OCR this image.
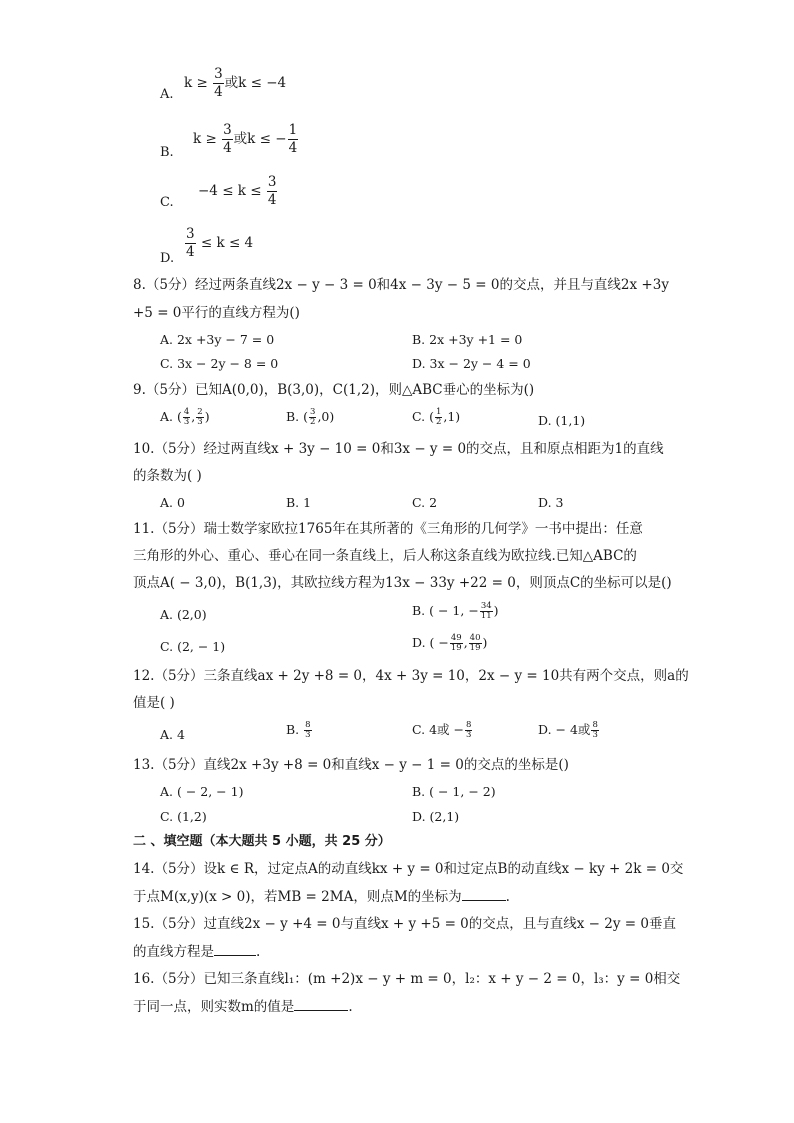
A.
$k \ge \frac{3}{4}$ 或k ≤ −4
B.
$k \ge \frac{3}{4}$ 或k ≤ − $\frac{1}{4}$
C.
$-4 \le k \le \frac{3}{4}$
D. $\frac{3}{4} \le k \le 4$
8.（5分）经过两条直线2x − y − 3 = 0和4x − 3y − 5 = 0的交点，并且与直线2x +3y
+5 = 0平行的直线方程为()
A. 2x +3y − 7 = 0	B. 2x +3y +1 = 0
C. 3x − 2y − 8 = 0	D. 3x − 2y − 4 = 0
9.（5分）已知A(0,0)，B(3,0)，C(1,2)，则△ABC垂心的坐标为()
A. ( $\frac{4}{3}$ , $\frac{2}{3}$ )	B. ( $\frac{3}{2} ,0$)	C. ( $\frac{1}{2} ,1$)	D. (1,1)
10.（5分）经过两直线x + 3y − 10 = 0和3x − y = 0的交点，且和原点相距为1的直线
的条数为( )
A. 0	B. 1	C. 2	D. 3
11.（5分）瑞士数学家欧拉1765年在其所著的《三角形的几何学》一书中提出：任意
三角形的外心、重心、垂心在同一条直线上，后人称这条直线为欧拉线.已知△ABC的
顶点A( − 3,0)，B(1,3)，其欧拉线方程为13x − 33y +22 = 0，则顶点C的坐标可以是()
A. (2,0)	B. ( − 1, − $\frac{34}{11}$ )
C. (2, − 1)	D. ( − $\frac{49}{19}$ , $\frac{40}{19}$ )
12.（5分）三条直线ax + 2y +8 = 0，4x + 3y = 10，2x − y = 10共有两个交点，则a的
值是( )
A. 4	B. $\frac{8}{3}$	C. 4或 − $\frac{8}{3}$	D. − 4或 $\frac{8}{3}$
13.（5分）直线2x +3y +8 = 0和直线x − y − 1 = 0的交点的坐标是()
A. ( − 2, − 1)	B. ( − 1, − 2)
C. (1,2)	D. (2,1)
二 、填空题（本大题共 5 小题，共 25 分）
14.（5分）设k ∈ R，过定点A的动直线kx + y = 0和过定点B的动直线x − ky + 2k = 0交
于点M(x,y)(x > 0)，若MB = 2MA，则点M的坐标为	.
15.（5分）过直线2x − y +4 = 0与直线x + y +5 = 0的交点，且与直线x − 2y = 0垂直
的直线方程是	.
16.（5分）已知三条直线l₁：(m +2)x − y + m = 0，l₂：x + y − 2 = 0，l₃：y = 0相交
于同一点，则实数m的值是	.
